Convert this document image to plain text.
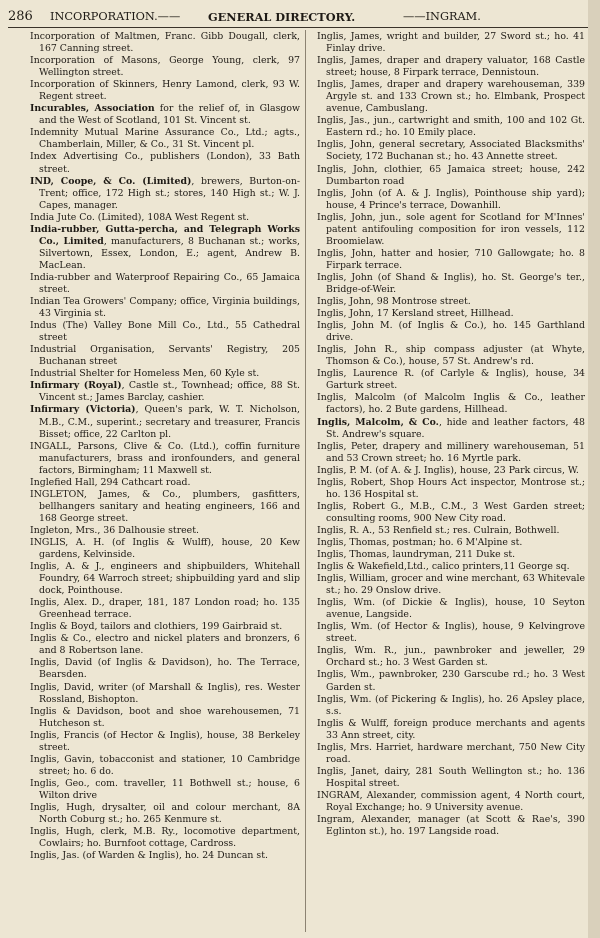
286 INCORPORATION.—— GENERAL DIRECTORY.	——INGRAM.

Incorporation of Maltmen, Franc. Gibb Dougall, clerk, 167 Canning street.

Incorporation of Masons, George Young, clerk, 97 Wellington street.

Incorporation of Skinners, Henry Lamond, clerk, 93 W. Regent street.

Incurables, Association for the relief of, in Glasgow and the West of Scotland, 101 St. Vincent st.

Indemnity Mutual Marine Assurance Co., Ltd.; agts., Chamberlain, Miller, & Co., 31 St. Vincent pl.

Index Advertising Co., publishers (London), 33 Bath street.

IND, Coope, & Co. (Limited), brewers, Burton-on-Trent; office, 172 High st.; stores, 140 High st.; W. J. Capes, manager.

India Jute Co. (Limited), 108A West Regent st.

India-rubber, Gutta-percha, and Telegraph Works Co., Limited, manufacturers, 8 Buchanan st.; works, Silvertown, Essex, London, E.; agent, Andrew B. MacLean.

India-rubber and Waterproof Repairing Co., 65 Jamaica street.

Indian Tea Growers' Company; office, Virginia buildings, 43 Virginia st.

Indus (The) Valley Bone Mill Co., Ltd., 55 Cathedral street

Industrial Organisation, Servants' Registry, 205 Buchanan street

Industrial Shelter for Homeless Men, 60 Kyle st.

Infirmary (Royal), Castle st., Townhead; office, 88 St. Vincent st.; James Barclay, cashier.

Infirmary (Victoria), Queen's park, W. T. Nicholson, M.B., C.M., superint.; secretary and treasurer, Francis Bisset; office, 22 Carlton pl.

INGALL, Parsons, Clive & Co. (Ltd.), coffin furniture manufacturers, brass and ironfounders, and general factors, Birmingham; 11 Maxwell st.

Inglefied Hall, 294 Cathcart road.

INGLETON, James, & Co., plumbers, gasfitters, bellhangers sanitary and heating engineers, 166 and 168 George street.

Ingleton, Mrs., 36 Dalhousie street.

INGLIS, A. H. (of Inglis & Wulff), house, 20 Kew gardens, Kelvinside.

Inglis, A. & J., engineers and shipbuilders, Whitehall Foundry, 64 Warroch street; shipbuilding yard and slip dock, Pointhouse.

Inglis, Alex. D., draper, 181, 187 London road; ho. 135 Greenhead terrace.

Inglis & Boyd, tailors and clothiers, 199 Gairbraid st.

Inglis & Co., electro and nickel platers and bronzers, 6 and 8 Robertson lane.

Inglis, David (of Inglis & Davidson), ho. The Terrace, Bearsden.

Inglis, David, writer (of Marshall & Inglis), res. Wester Rossland, Bishopton.

Inglis & Davidson, boot and shoe warehousemen, 71 Hutcheson st.

Inglis, Francis (of Hector & Inglis), house, 38 Berkeley street.

Inglis, Gavin, tobacconist and stationer, 10 Cambridge street; ho. 6 do.

Inglis, Geo., com. traveller, 11 Bothwell st.; house, 6 Wilton drive

Inglis, Hugh, drysalter, oil and colour merchant, 8A North Coburg st.; ho. 265 Kenmure st.

Inglis, Hugh, clerk, M.B. Ry., locomotive department, Cowlairs; ho. Burnfoot cottage, Cardross.

Inglis, Jas. (of Warden & Inglis), ho. 24 Duncan st.

Inglis, James, wright and builder, 27 Sword st.; ho. 41 Finlay drive.

Inglis, James, draper and drapery valuator, 168 Castle street; house, 8 Firpark terrace, Dennistoun.

Inglis, James, draper and drapery warehouseman, 339 Argyle st. and 133 Crown st.; ho. Elmbank, Prospect avenue, Cambuslang.

Inglis, Jas., jun., cartwright and smith, 100 and 102 Gt. Eastern rd.; ho. 10 Emily place.

Inglis, John, general secretary, Associated Blacksmiths' Society, 172 Buchanan st.; ho. 43 Annette street.

Inglis, John, clothier, 65 Jamaica street; house, 242 Dumbarton road

Inglis, John (of A. & J. Inglis), Pointhouse ship yard); house, 4 Prince's terrace, Dowanhill.

Inglis, John, jun., sole agent for Scotland for M'Innes' patent antifouling composition for iron vessels, 112 Broomielaw.

Inglis, John, hatter and hosier, 710 Gallowgate; ho. 8 Firpark terrace.

Inglis, John (of Shand & Inglis), ho. St. George's ter., Bridge-of-Weir.

Inglis, John, 98 Montrose street.

Inglis, John, 17 Kersland street, Hillhead.

Inglis, John M. (of Inglis & Co.), ho. 145 Garthland drive.

Inglis, John R., ship compass adjuster (at Whyte, Thomson & Co.), house, 57 St. Andrew's rd.

Inglis, Laurence R. (of Carlyle & Inglis), house, 34 Garturk street.

Inglis, Malcolm (of Malcolm Inglis & Co., leather factors), ho. 2 Bute gardens, Hillhead.

Inglis, Malcolm, & Co., hide and leather factors, 48 St. Andrew's square.

Inglis, Peter, drapery and millinery warehouseman, 51 and 53 Crown street; ho. 16 Myrtle park.

Inglis, P. M. (of A. & J. Inglis), house, 23 Park circus, W.

Inglis, Robert, Shop Hours Act inspector, Montrose st.; ho. 136 Hospital st.

Inglis, Robert G., M.B., C.M., 3 West Garden street; consulting rooms, 900 New City road.

Inglis, R. A., 53 Renfield st.; res. Culrain, Bothwell.

Inglis, Thomas, postman; ho. 6 M'Alpine st.

Inglis, Thomas, laundryman, 211 Duke st.

Inglis & Wakefield,Ltd., calico printers,11 George sq.

Inglis, William, grocer and wine merchant, 63 Whitevale st.; ho. 29 Onslow drive.

Inglis, Wm. (of Dickie & Inglis), house, 10 Seyton avenue, Langside.

Inglis, Wm. (of Hector & Inglis), house, 9 Kelvingrove street.

Inglis, Wm. R., jun., pawnbroker and jeweller, 29 Orchard st.; ho. 3 West Garden st.

Inglis, Wm., pawnbroker, 230 Garscube rd.; ho. 3 West Garden st.

Inglis, Wm. (of Pickering & Inglis), ho. 26 Apsley place, s.s.

Inglis & Wulff, foreign produce merchants and agents 33 Ann street, city.

Inglis, Mrs. Harriet, hardware merchant, 750 New City road.

Inglis, Janet, dairy, 281 South Wellington st.; ho. 136 Hospital street.

INGRAM, Alexander, commission agent, 4 North court, Royal Exchange; ho. 9 University avenue.

Ingram, Alexander, manager (at Scott & Rae's, 390 Eglinton st.), ho. 197 Langside road.
